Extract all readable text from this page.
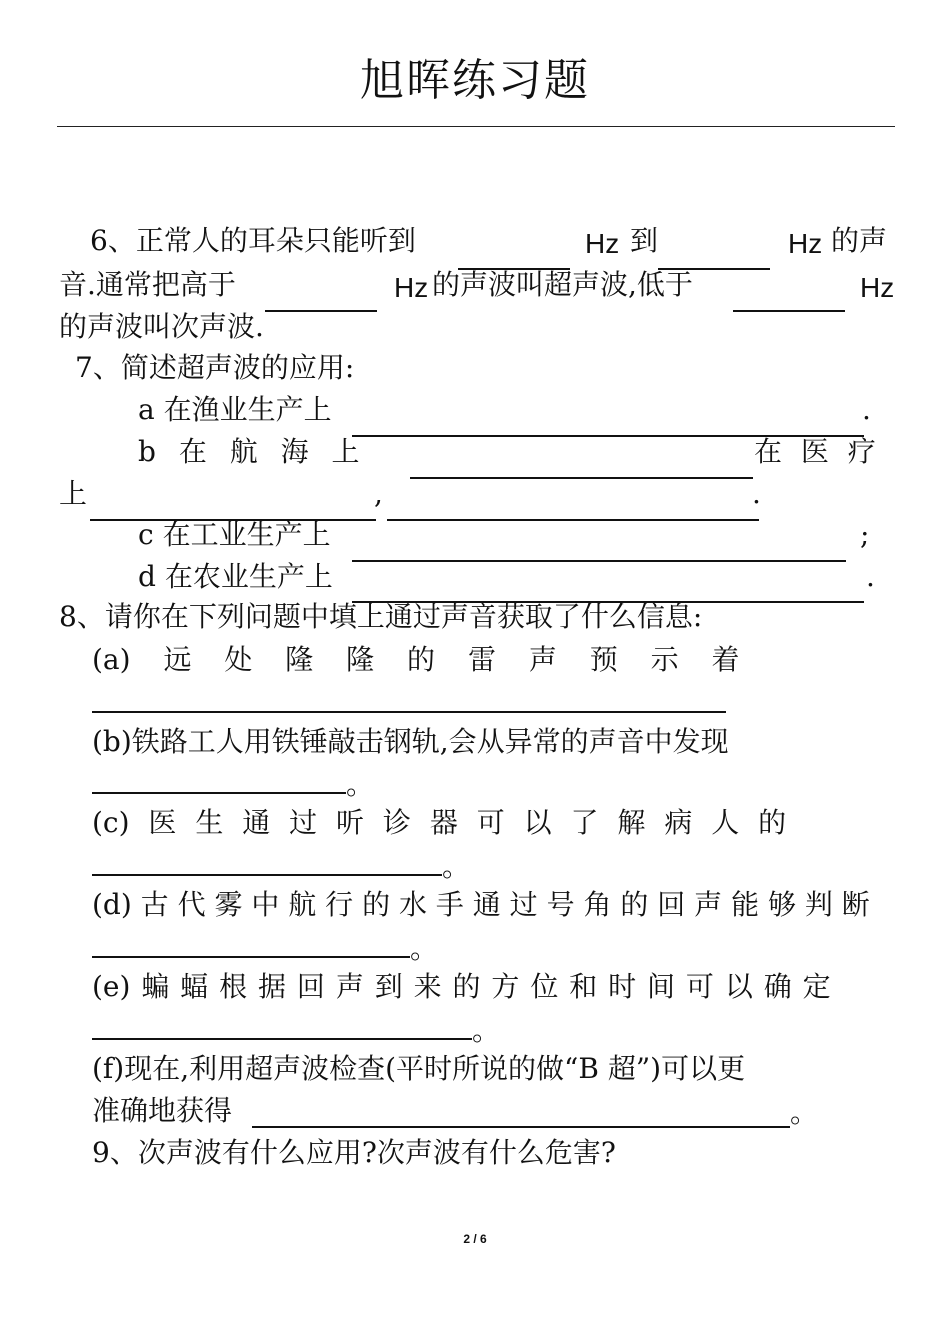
旭晖练习题
6、正常人的耳朵只能听到	Hz 到	Hz 的声
音.通常把高于	Hz 的声波叫超声波,低于	Hz
的声波叫次声波.
7、简述超声波的应用:
a 在渔业生产上	.
b 在 航 海 上	在 医 疗
上	,	.
c 在工业生产上	;
d 在农业生产上	.
8、请你在下列问题中填上通过声音获取了什么信息:
(a) 远 处 隆 隆 的 雷 声 预 示 着
(b)铁路工人用铁锤敲击钢轨,会从异常的声音中发现
。
(c) 医 生 通 过 听 诊 器 可 以 了 解 病 人 的
。
(d) 古 代 雾 中 航 行 的 水 手 通 过 号 角 的 回 声 能 够 判 断
。
(e) 蝙 蝠 根 据 回 声 到 来 的 方 位 和 时 间 可 以 确 定
。
(f)现在,利用超声波检查(平时所说的做“B 超”)可以更
准确地获得	。
9、次声波有什么应用?次声波有什么危害?
2 / 6
